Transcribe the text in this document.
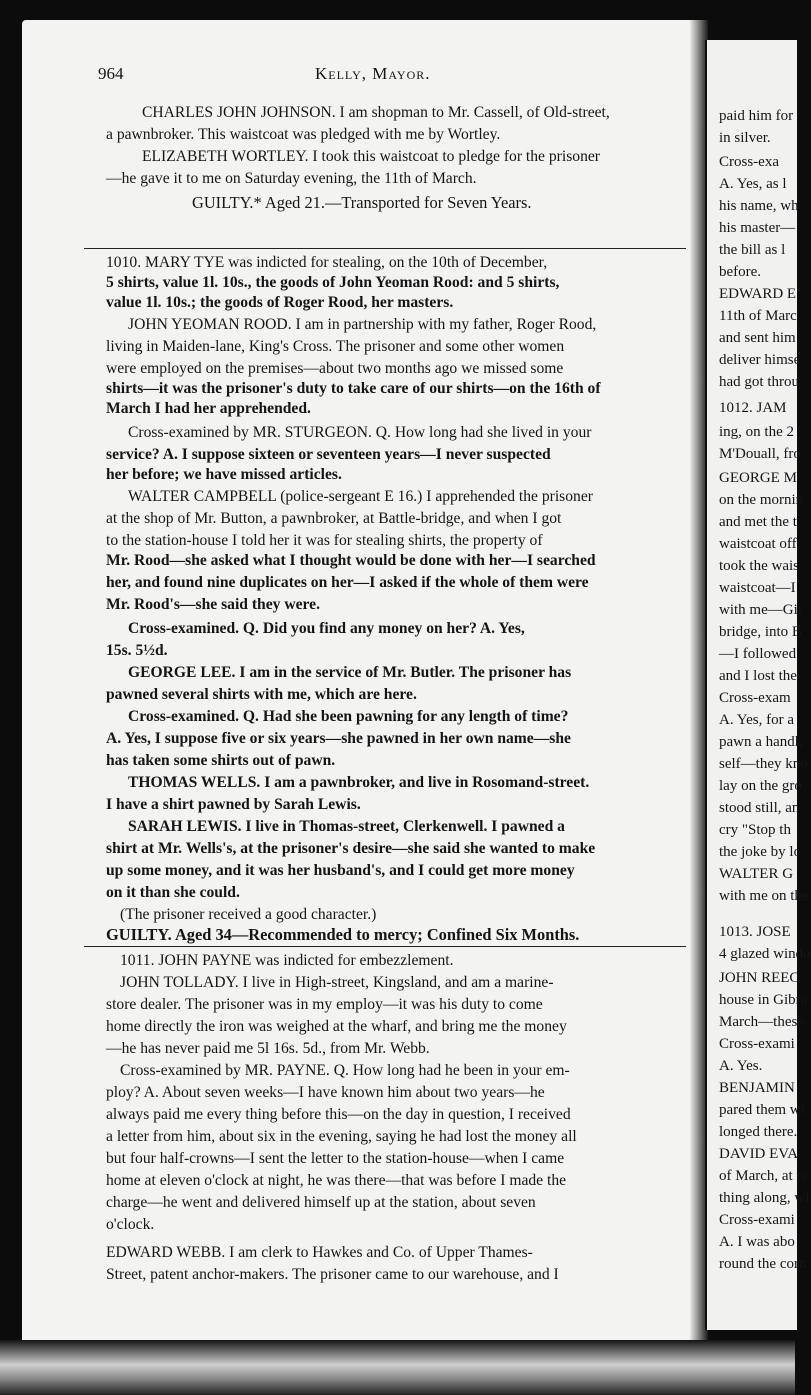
964	Kelly, Mayor.
CHARLES JOHN JOHNSON. I am shopman to Mr. Cassell, of Old-street,
a pawnbroker. This waistcoat was pledged with me by Wortley.
ELIZABETH WORTLEY. I took this waistcoat to pledge for the prisoner
—he gave it to me on Saturday evening, the 11th of March.
GUILTY.* Aged 21.—Transported for Seven Years.
1010. MARY TYE was indicted for stealing, on the 10th of December,
5 shirts, value 1l. 10s., the goods of John Yeoman Rood: and 5 shirts,
value 1l. 10s.; the goods of Roger Rood, her masters.
JOHN YEOMAN ROOD. I am in partnership with my father, Roger Rood,
living in Maiden-lane, King's Cross. The prisoner and some other women
were employed on the premises—about two months ago we missed some
shirts—it was the prisoner's duty to take care of our shirts—on the 16th of
March I had her apprehended.
Cross-examined by MR. STURGEON. Q. How long had she lived in your
service? A. I suppose sixteen or seventeen years—I never suspected
her before; we have missed articles.
WALTER CAMPBELL (police-sergeant E 16.) I apprehended the prisoner
at the shop of Mr. Button, a pawnbroker, at Battle-bridge, and when I got
to the station-house I told her it was for stealing shirts, the property of
Mr. Rood—she asked what I thought would be done with her—I searched
her, and found nine duplicates on her—I asked if the whole of them were
Mr. Rood's—she said they were.
Cross-examined. Q. Did you find any money on her? A. Yes,
15s. 5½d.
GEORGE LEE. I am in the service of Mr. Butler. The prisoner has
pawned several shirts with me, which are here.
Cross-examined. Q. Had she been pawning for any length of time?
A. Yes, I suppose five or six years—she pawned in her own name—she
has taken some shirts out of pawn.
THOMAS WELLS. I am a pawnbroker, and live in Rosomand-street.
I have a shirt pawned by Sarah Lewis.
SARAH LEWIS. I live in Thomas-street, Clerkenwell. I pawned a
shirt at Mr. Wells's, at the prisoner's desire—she said she wanted to make
up some money, and it was her husband's, and I could get more money
on it than she could.
(The prisoner received a good character.)
GUILTY. Aged 34—Recommended to mercy; Confined Six Months.
1011. JOHN PAYNE was indicted for embezzlement.
JOHN TOLLADY. I live in High-street, Kingsland, and am a marine-
store dealer. The prisoner was in my employ—it was his duty to come
home directly the iron was weighed at the wharf, and bring me the money
—he has never paid me 5l 16s. 5d., from Mr. Webb.
Cross-examined by MR. PAYNE. Q. How long had he been in your em-
ploy? A. About seven weeks—I have known him about two years—he
always paid me every thing before this—on the day in question, I received
a letter from him, about six in the evening, saying he had lost the money all
but four half-crowns—I sent the letter to the station-house—when I came
home at eleven o'clock at night, he was there—that was before I made the
charge—he went and delivered himself up at the station, about seven
o'clock.
EDWARD WEBB. I am clerk to Hawkes and Co. of Upper Thames-
Street, patent anchor-makers. The prisoner came to our warehouse, and I
paid him for
in silver.
Cross-exa
A. Yes, as l
his name, wh
his master—
the bill as l
before.
EDWARD E
11th of Marc
and sent him
deliver himse
had got throu
1012. JAM
ing, on the 2
M'Douall, fro
GEORGE M
on the mornin
and met the t
waistcoat off
took the wais
waistcoat—I
with me—Gil
bridge, into B
—I followed
and I lost the
Cross-exam
A. Yes, for a
pawn a handk
self—they kno
lay on the gro
stood still, an
cry "Stop th
the joke by lo
WALTER G
with me on the
1013. JOSE
4 glazed windo
JOHN REEC
house in Gibra
March—these
Cross-exami
A. Yes.
BENJAMIN
pared them wi
longed there.
DAVID EVA
of March, at te
thing along, wi
Cross-exami
A. I was abo
round the corn
